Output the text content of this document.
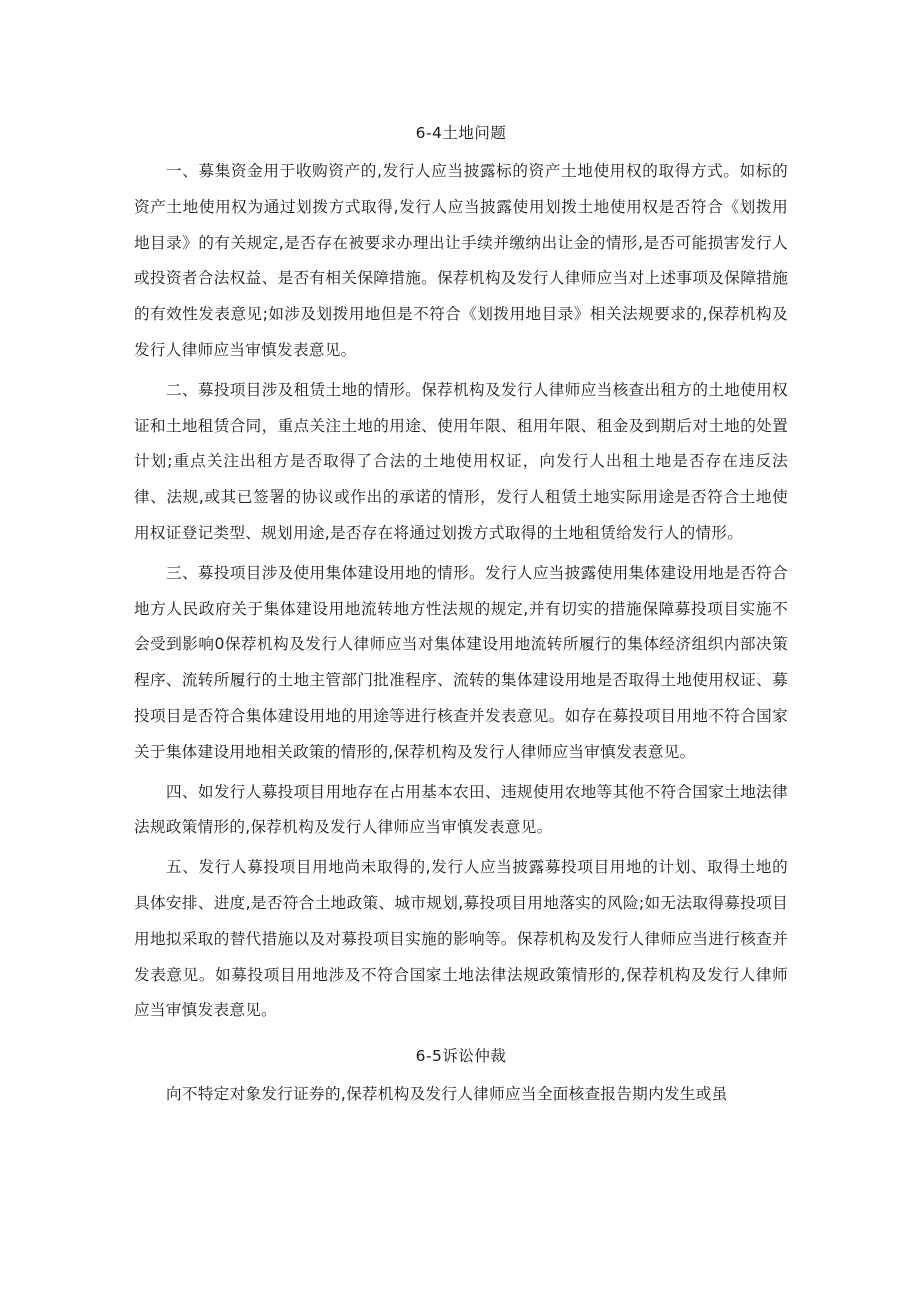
6-4土地问题

一、募集资金用于收购资产的,发行人应当披露标的资产土地使用权的取得方式。如标的资产土地使用权为通过划拨方式取得,发行人应当披露使用划拨土地使用权是否符合《划拨用地目录》的有关规定,是否存在被要求办理出让手续并缴纳出让金的情形,是否可能损害发行人或投资者合法权益、是否有相关保障措施。保荐机构及发行人律师应当对上述事项及保障措施的有效性发表意见;如涉及划拨用地但是不符合《划拨用地目录》相关法规要求的,保荐机构及发行人律师应当审慎发表意见。

二、募投项目涉及租赁土地的情形。保荐机构及发行人律师应当核查出租方的土地使用权证和土地租赁合同，重点关注土地的用途、使用年限、租用年限、租金及到期后对土地的处置计划;重点关注出租方是否取得了合法的土地使用权证，向发行人出租土地是否存在违反法律、法规,或其已签署的协议或作出的承诺的情形，发行人租赁土地实际用途是否符合土地使用权证登记类型、规划用途,是否存在将通过划拨方式取得的土地租赁给发行人的情形。

三、募投项目涉及使用集体建设用地的情形。发行人应当披露使用集体建设用地是否符合地方人民政府关于集体建设用地流转地方性法规的规定,并有切实的措施保障募投项目实施不会受到影响0保荐机构及发行人律师应当对集体建设用地流转所履行的集体经济组织内部决策程序、流转所履行的土地主管部门批准程序、流转的集体建设用地是否取得土地使用权证、募投项目是否符合集体建设用地的用途等进行核查并发表意见。如存在募投项目用地不符合国家关于集体建设用地相关政策的情形的,保荐机构及发行人律师应当审慎发表意见。

四、如发行人募投项目用地存在占用基本农田、违规使用农地等其他不符合国家土地法律法规政策情形的,保荐机构及发行人律师应当审慎发表意见。

五、发行人募投项目用地尚未取得的,发行人应当披露募投项目用地的计划、取得土地的具体安排、进度,是否符合土地政策、城市规划,募投项目用地落实的风险;如无法取得募投项目用地拟采取的替代措施以及对募投项目实施的影响等。保荐机构及发行人律师应当进行核查并发表意见。如募投项目用地涉及不符合国家土地法律法规政策情形的,保荐机构及发行人律师应当审慎发表意见。

6-5诉讼仲裁

向不特定对象发行证券的,保荐机构及发行人律师应当全面核查报告期内发生或虽
